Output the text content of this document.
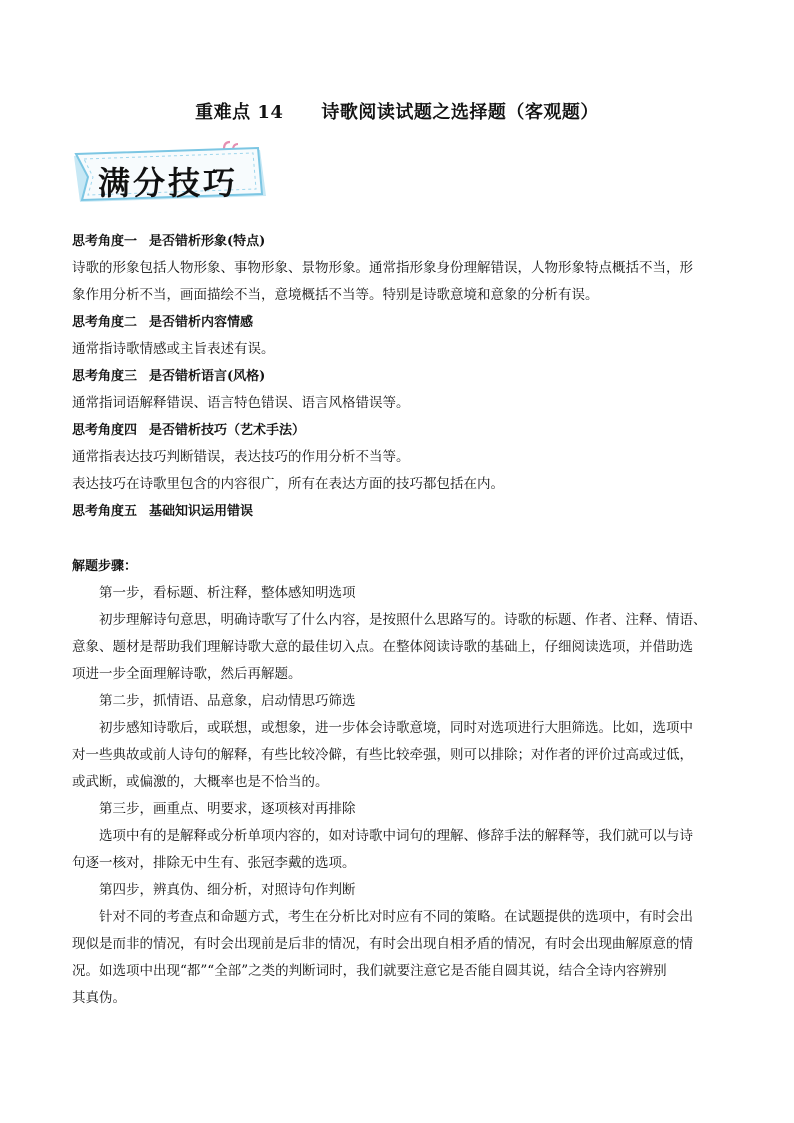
重难点 14 诗歌阅读试题之选择题（客观题）
满分技巧

思考角度一 是否错析形象(特点)

诗歌的形象包括人物形象、事物形象、景物形象。通常指形象身份理解错误，人物形象特点概括不当，形

象作用分析不当，画面描绘不当，意境概括不当等。特别是诗歌意境和意象的分析有误。

思考角度二 是否错析内容情感

通常指诗歌情感或主旨表述有误。

思考角度三 是否错析语言(风格)

通常指词语解释错误、语言特色错误、语言风格错误等。

思考角度四 是否错析技巧（艺术手法）

通常指表达技巧判断错误，表达技巧的作用分析不当等。

表达技巧在诗歌里包含的内容很广，所有在表达方面的技巧都包括在内。

思考角度五 基础知识运用错误

解题步骤：

第一步，看标题、析注释，整体感知明选项

初步理解诗句意思，明确诗歌写了什么内容，是按照什么思路写的。诗歌的标题、作者、注释、情语、

意象、题材是帮助我们理解诗歌大意的最佳切入点。在整体阅读诗歌的基础上，仔细阅读选项，并借助选

项进一步全面理解诗歌，然后再解题。

第二步，抓情语、品意象，启动情思巧筛选

初步感知诗歌后，或联想，或想象，进一步体会诗歌意境，同时对选项进行大胆筛选。比如，选项中

对一些典故或前人诗句的解释，有些比较冷僻，有些比较牵强，则可以排除；对作者的评价过高或过低，

或武断，或偏激的，大概率也是不恰当的。

第三步，画重点、明要求，逐项核对再排除

选项中有的是解释或分析单项内容的，如对诗歌中词句的理解、修辞手法的解释等，我们就可以与诗

句逐一核对，排除无中生有、张冠李戴的选项。

第四步，辨真伪、细分析，对照诗句作判断

针对不同的考查点和命题方式，考生在分析比对时应有不同的策略。在试题提供的选项中，有时会出

现似是而非的情况，有时会出现前是后非的情况，有时会出现自相矛盾的情况，有时会出现曲解原意的情

况。如选项中出现“都”“全部”之类的判断词时，我们就要注意它是否能自圆其说，结合全诗内容辨别

其真伪。
